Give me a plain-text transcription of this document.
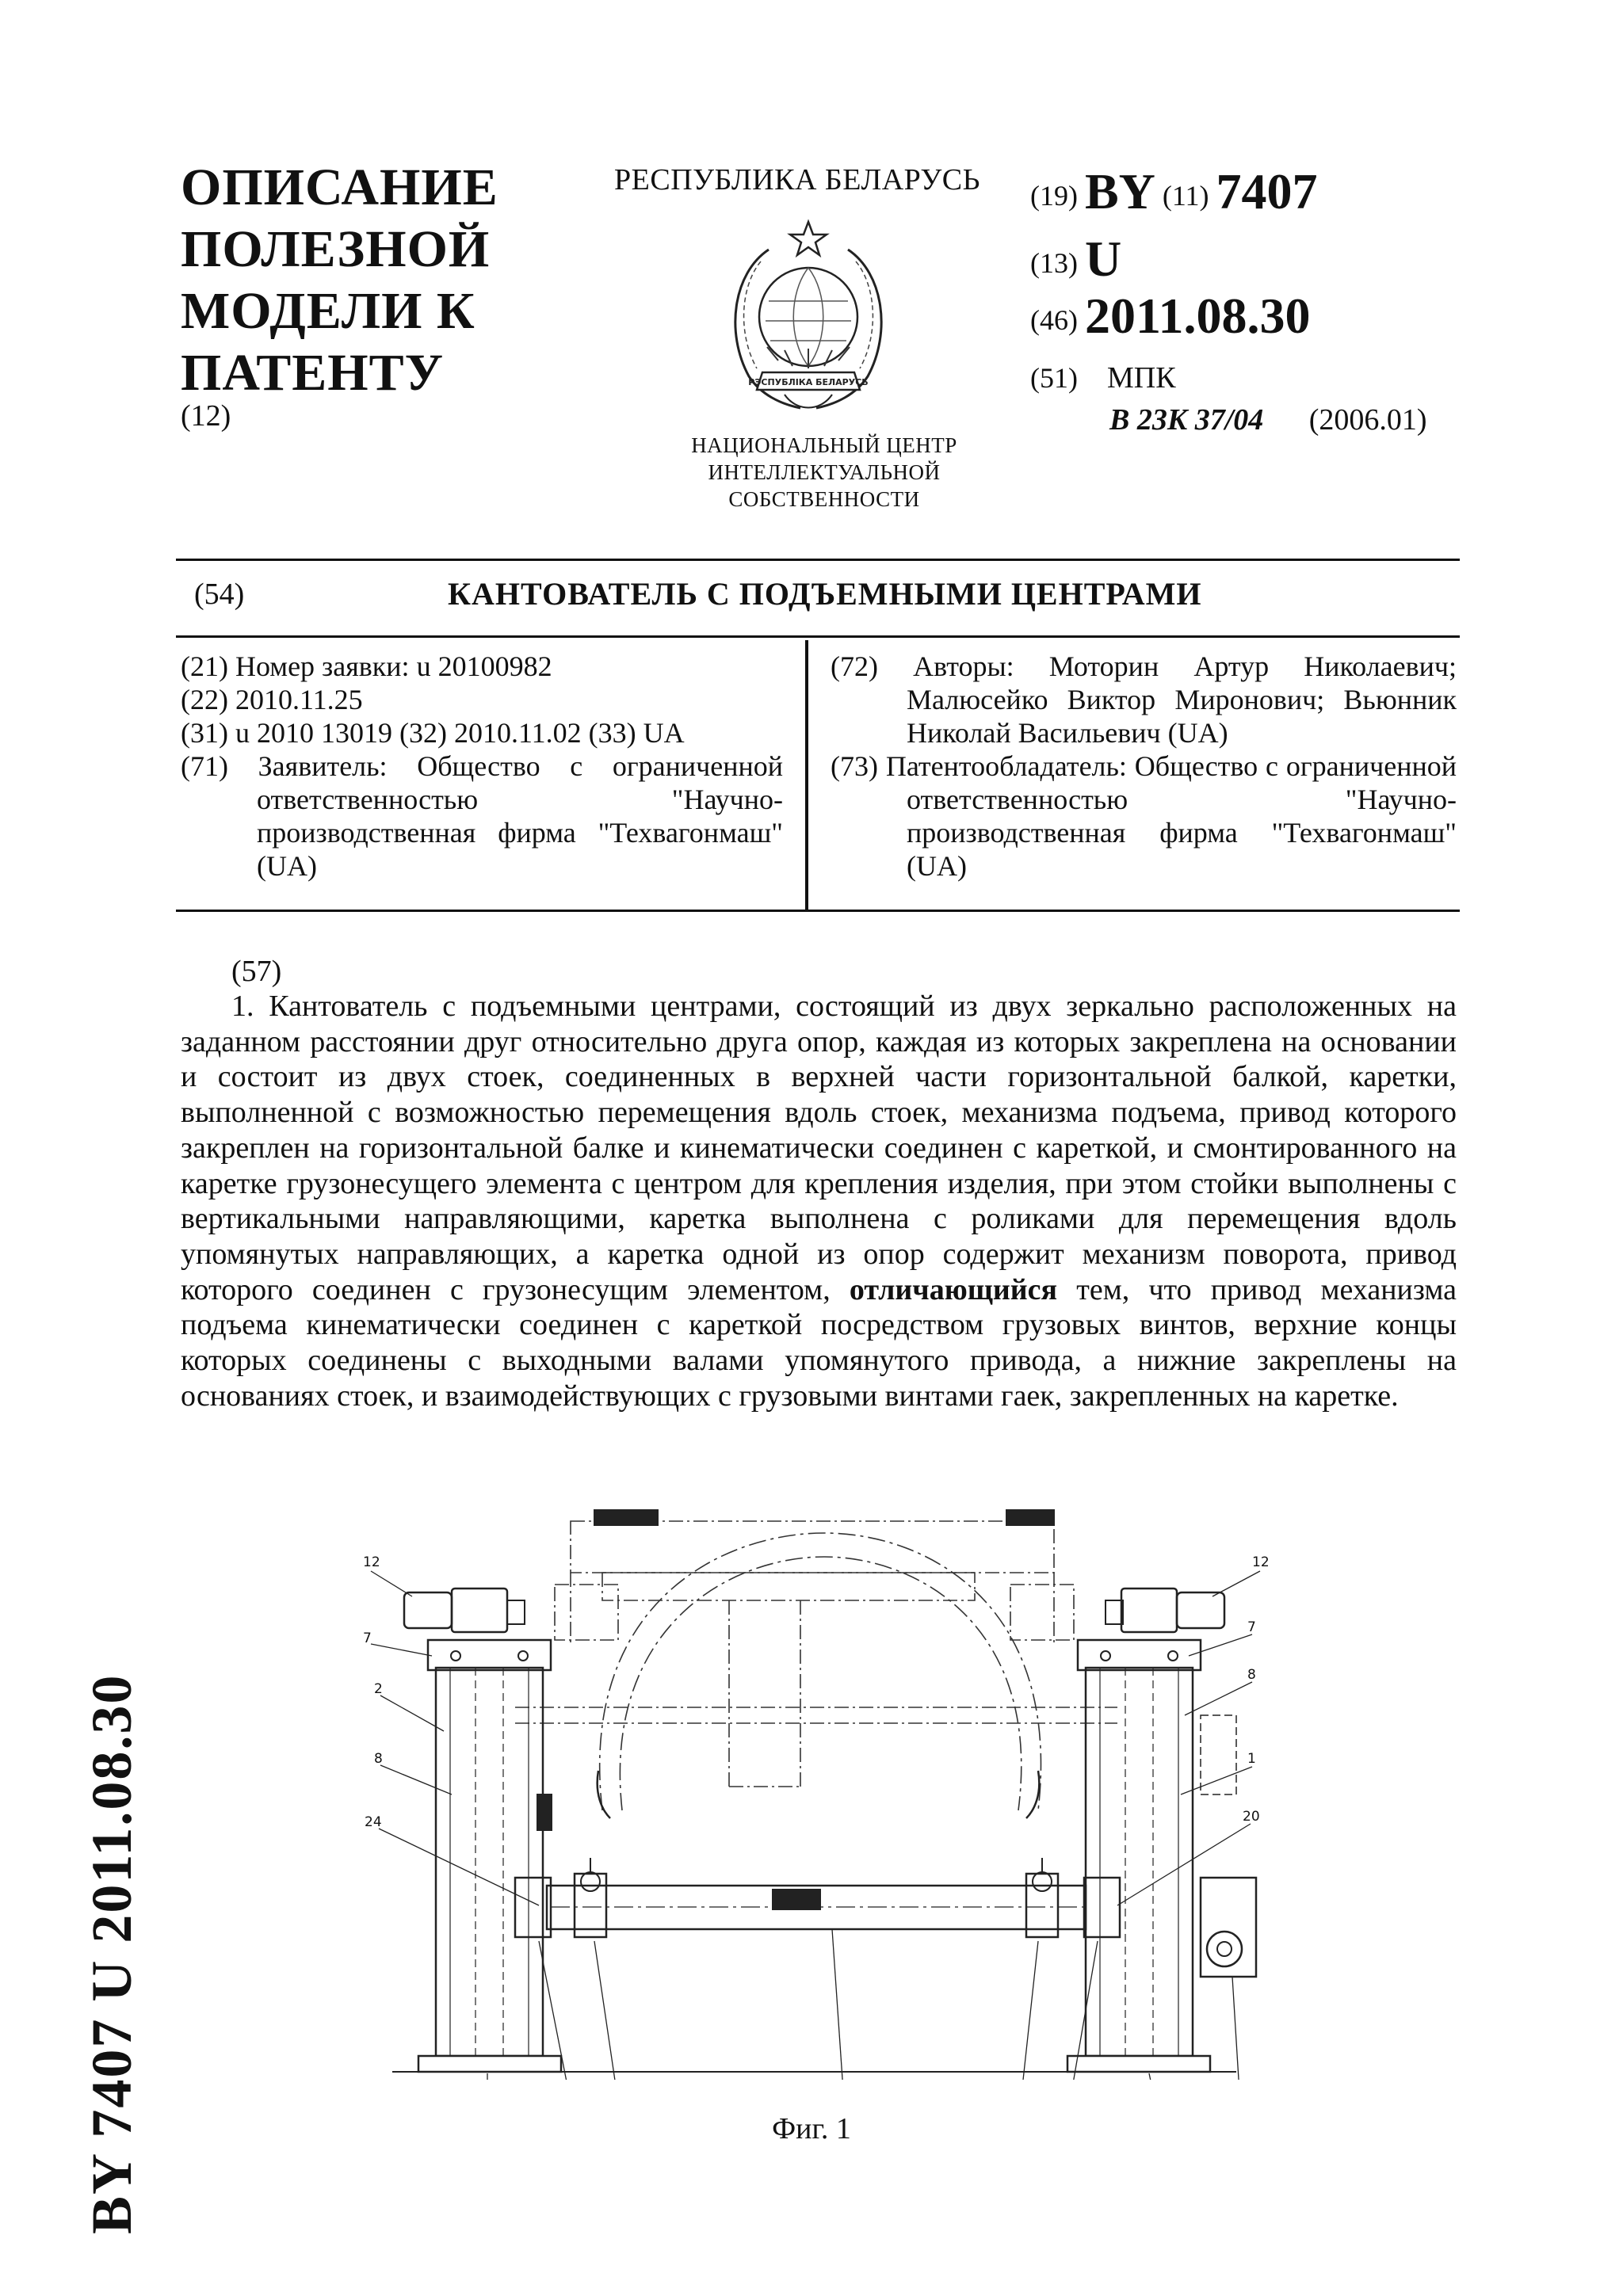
ОПИСАНИЕ
ПОЛЕЗНОЙ
МОДЕЛИ К
ПАТЕНТУ
(12)
РЕСПУБЛИКА БЕЛАРУСЬ
РЭСПУБЛІКА БЕЛАРУСЬ
НАЦИОНАЛЬНЫЙ ЦЕНТР
ИНТЕЛЛЕКТУАЛЬНОЙ
СОБСТВЕННОСТИ
(19) BY (11) 7407
(13) U
(46) 2011.08.30
(51) МПК
B 23K 37/04 (2006.01)
(54)	КАНТОВАТЕЛЬ С ПОДЪЕМНЫМИ ЦЕНТРАМИ
(21) Номер заявки: u 20100982
(22) 2010.11.25
(31) u 2010 13019 (32) 2010.11.02 (33) UA
(71) Заявитель: Общество с ограниченной ответственностью "Научно-производственная фирма "Техвагонмаш" (UA)
(72) Авторы: Моторин Артур Николаевич; Малюсейко Виктор Миронович; Вьюнник Николай Васильевич (UA)
(73) Патентообладатель: Общество с ограниченной ответственностью "Научно-производственная фирма "Техвагонмаш" (UA)
(57)
1. Кантователь с подъемными центрами, состоящий из двух зеркально расположенных на заданном расстоянии друг относительно друга опор, каждая из которых закреплена на основании и состоит из двух стоек, соединенных в верхней части горизонтальной балкой, каретки, выполненной с возможностью перемещения вдоль стоек, механизма подъема, привод которого закреплен на горизонтальной балке и кинематически соединен с кареткой, и смонтированного на каретке грузонесущего элемента с центром для крепления изделия, при этом стойки выполнены с вертикальными направляющими, каретка выполнена с роликами для перемещения вдоль упомянутых направляющих, а каретка одной из опор содержит механизм поворота, привод которого соединен с грузонесущим элементом, отличающийся тем, что привод механизма подъема кинематически соединен с кареткой посредством грузовых винтов, верхние концы которых соединены с выходными валами упомянутого привода, а нижние закреплены на основаниях стоек, и взаимодействующих с грузовыми винтами гаек, закрепленных на каретке.
12
7
2
8
24
12
7
8
1
20
Фиг. 1
BY 7407 U 2011.08.30
